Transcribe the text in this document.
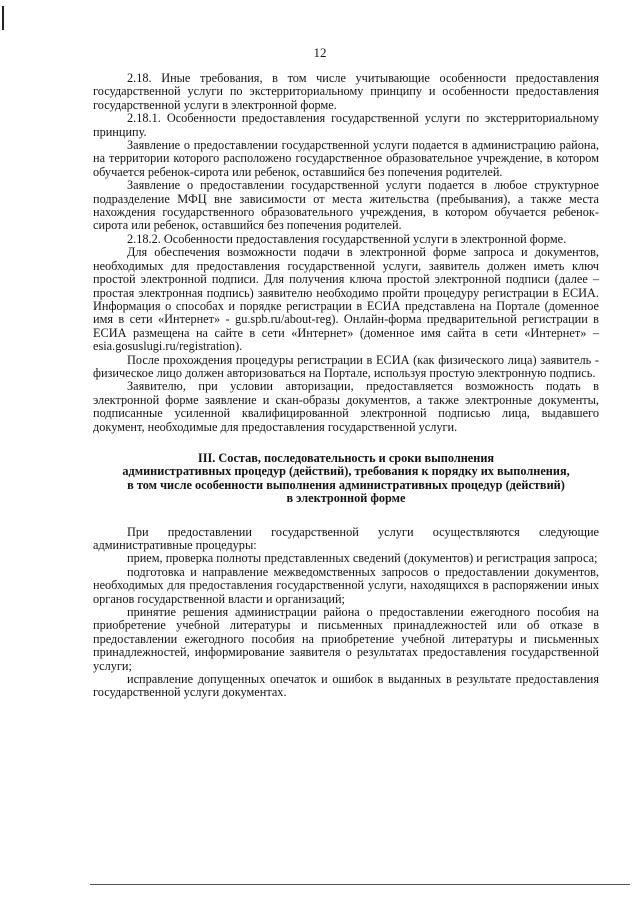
12

2.18. Иные требования, в том числе учитывающие особенности предоставления государственной услуги по экстерриториальному принципу и особенности предоставления государственной услуги в электронной форме.

2.18.1. Особенности предоставления государственной услуги по экстерриториальному принципу.

Заявление о предоставлении государственной услуги подается в администрацию района, на территории которого расположено государственное образовательное учреждение, в котором обучается ребенок-сирота или ребенок, оставшийся без попечения родителей.

Заявление о предоставлении государственной услуги подается в любое структурное подразделение МФЦ вне зависимости от места жительства (пребывания), а также места нахождения государственного образовательного учреждения, в котором обучается ребенок-сирота или ребенок, оставшийся без попечения родителей.

2.18.2. Особенности предоставления государственной услуги в электронной форме.

Для обеспечения возможности подачи в электронной форме запроса и документов, необходимых для предоставления государственной услуги, заявитель должен иметь ключ простой электронной подписи. Для получения ключа простой электронной подписи (далее – простая электронная подпись) заявителю необходимо пройти процедуру регистрации в ЕСИА. Информация о способах и порядке регистрации в ЕСИА представлена на Портале (доменное имя в сети «Интернет» - gu.spb.ru/about-reg). Онлайн-форма предварительной регистрации в ЕСИА размещена на сайте в сети «Интернет» (доменное имя сайта в сети «Интернет» – esia.gosuslugi.ru/registration).

После прохождения процедуры регистрации в ЕСИА (как физического лица) заявитель - физическое лицо должен авторизоваться на Портале, используя простую электронную подпись.

Заявителю, при условии авторизации, предоставляется возможность подать в электронной форме заявление и скан-образы документов, а также электронные документы, подписанные усиленной квалифицированной электронной подписью лица, выдавшего документ, необходимые для предоставления государственной услуги.

III. Состав, последовательность и сроки выполнения
административных процедур (действий), требования к порядку их выполнения,
в том числе особенности выполнения административных процедур (действий)
в электронной форме

При предоставлении государственной услуги осуществляются следующие административные процедуры:

прием, проверка полноты представленных сведений (документов) и регистрация запроса;

подготовка и направление межведомственных запросов о предоставлении документов, необходимых для предоставления государственной услуги, находящихся в распоряжении иных органов государственной власти и организаций;

принятие решения администрации района о предоставлении ежегодного пособия на приобретение учебной литературы и письменных принадлежностей или об отказе в предоставлении ежегодного пособия на приобретение учебной литературы и письменных принадлежностей, информирование заявителя о результатах предоставления государственной услуги;

исправление допущенных опечаток и ошибок в выданных в результате предоставления государственной услуги документах.
